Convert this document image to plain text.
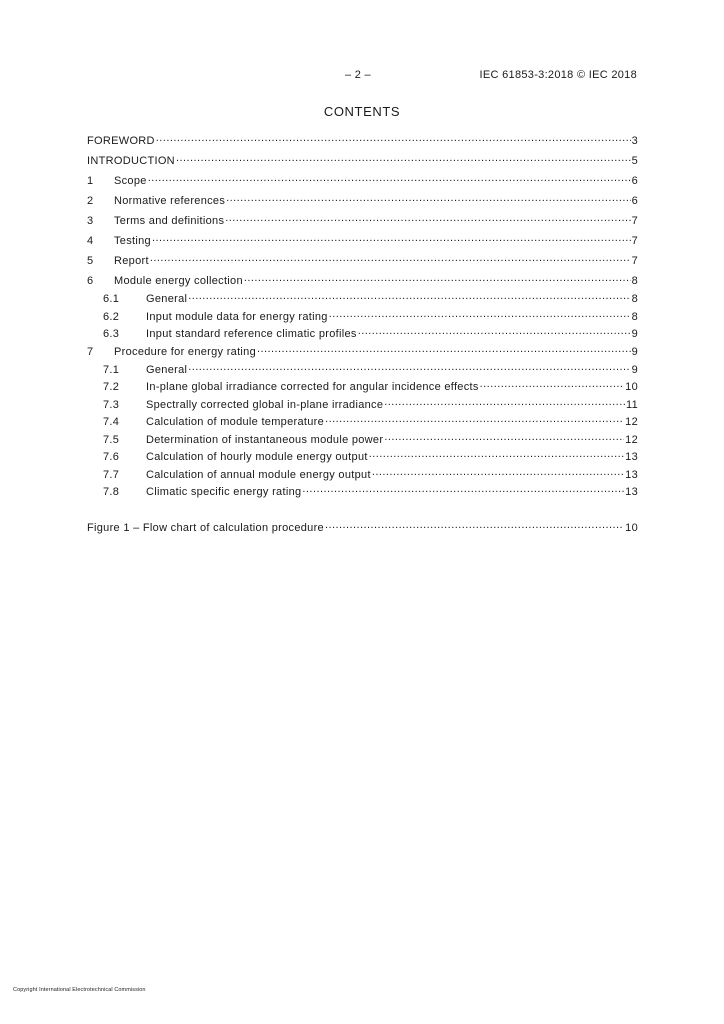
– 2 –	IEC 61853-3:2018 © IEC 2018
CONTENTS
FOREWORD .....	3
INTRODUCTION .....	5
1	Scope .....	6
2	Normative references .....	6
3	Terms and definitions .....	7
4	Testing .....	7
5	Report .....	7
6	Module energy collection .....	8
6.1	General .....	8
6.2	Input module data for energy rating .....	8
6.3	Input standard reference climatic profiles .....	9
7	Procedure for energy rating .....	9
7.1	General .....	9
7.2	In-plane global irradiance corrected for angular incidence effects .....	10
7.3	Spectrally corrected global in-plane irradiance .....	11
7.4	Calculation of module temperature .....	12
7.5	Determination of instantaneous module power .....	12
7.6	Calculation of hourly module energy output .....	13
7.7	Calculation of annual module energy output .....	13
7.8	Climatic specific energy rating .....	13
Figure 1 – Flow chart of calculation procedure .....	10
Copyright International Electrotechnical Commission
